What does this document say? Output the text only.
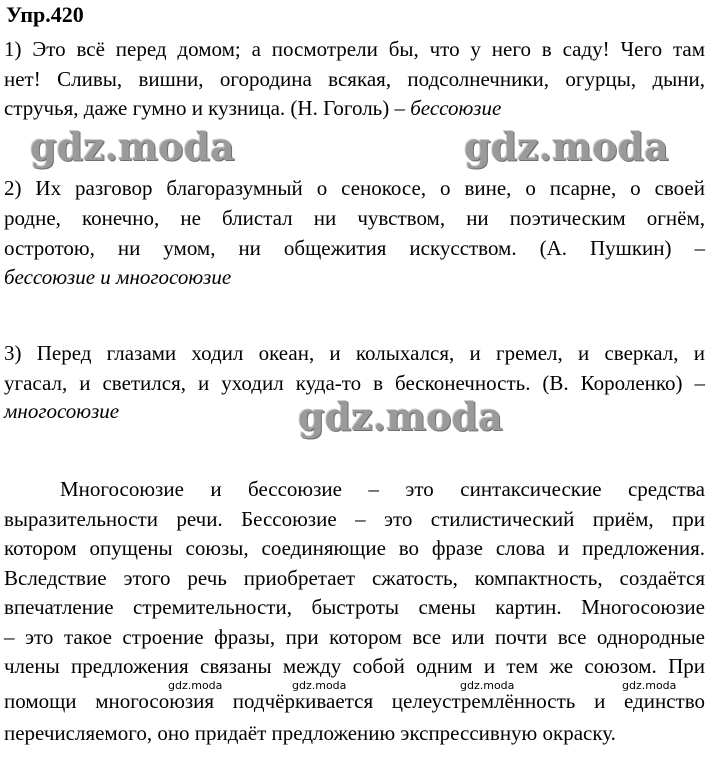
Упр.420
1) Это всё перед домом; а посмотрели бы, что у него в саду! Чего там
нет! Сливы, вишни, огородина всякая, подсолнечники, огурцы, дыни,
стручья, даже гумно и кузница. (Н. Гоголь) – бессоюзие
gdz.moda	gdz.moda
2) Их разговор благоразумный о сенокосе, о вине, о псарне, о своей
родне, конечно, не блистал ни чувством, ни поэтическим огнём,
остротою, ни умом, ни общежития искусством. (А. Пушкин) –
бессоюзие и многосоюзие
3) Перед глазами ходил океан, и колыхался, и гремел, и сверкал, и
угасал, и светился, и уходил куда-то в бесконечность. (В. Короленко) –
многосоюзие	gdz.moda
Многосоюзие и бессоюзие – это синтаксические средства
выразительности речи. Бессоюзие – это стилистический приём, при
котором опущены союзы, соединяющие во фразе слова и предложения.
Вследствие этого речь приобретает сжатость, компактность, создаётся
впечатление стремительности, быстроты смены картин. Многосоюзие
– это такое строение фразы, при котором все или почти все однородные
члены предложения связаны между собой одним и тем же союзом. При
помощи многосоюзия подчёркивается целеустремлённость и единство
перечисляемого, оно придаёт предложению экспрессивную окраску.
gdz.moda	gdz.moda	gdz.moda	gdz.moda
